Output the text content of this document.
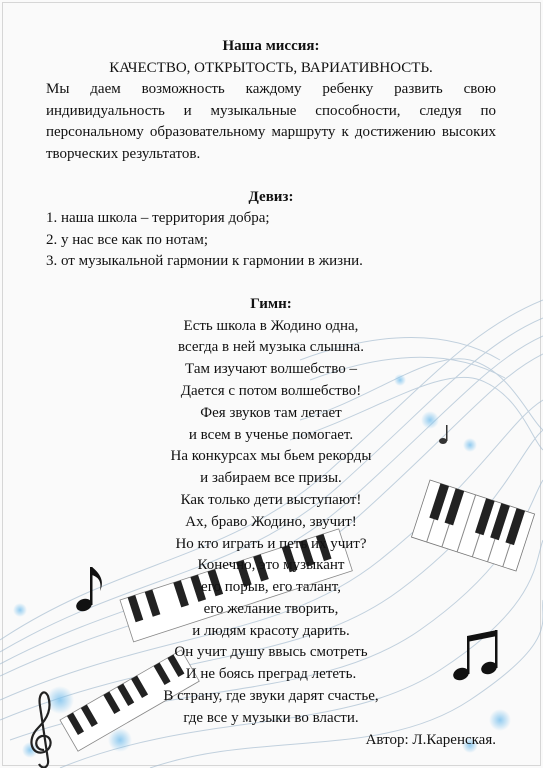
Наша миссия:

КАЧЕСТВО, ОТКРЫТОСТЬ, ВАРИАТИВНОСТЬ.

Мы даем возможность каждому ребенку развить свою индивидуальность и музыкальные способности, следуя по персональному образовательному маршруту к достижению высоких творческих результатов.

Девиз:

1. наша школа – территория добра;

2. у нас все как по нотам;

3. от музыкальной гармонии к гармонии в жизни.

Гимн:

Есть школа в Жодино одна,

всегда в ней музыка слышна.

Там изучают волшебство –

Дается с потом волшебство!

Фея звуков там летает

и всем в ученье помогает.

На конкурсах мы бьем рекорды

и забираем все призы.

Как только дети выступают!

Ах, браво Жодино, звучит!

Но кто играть и петь их учит?

Конечно, это музыкант

его порыв, его талант,

его желание творить,

и людям красоту дарить.

Он учит душу ввысь смотреть

И не боясь преград лететь.

В страну, где звуки дарят счастье,

где все у музыки во власти.

Автор: Л.Каренская.
